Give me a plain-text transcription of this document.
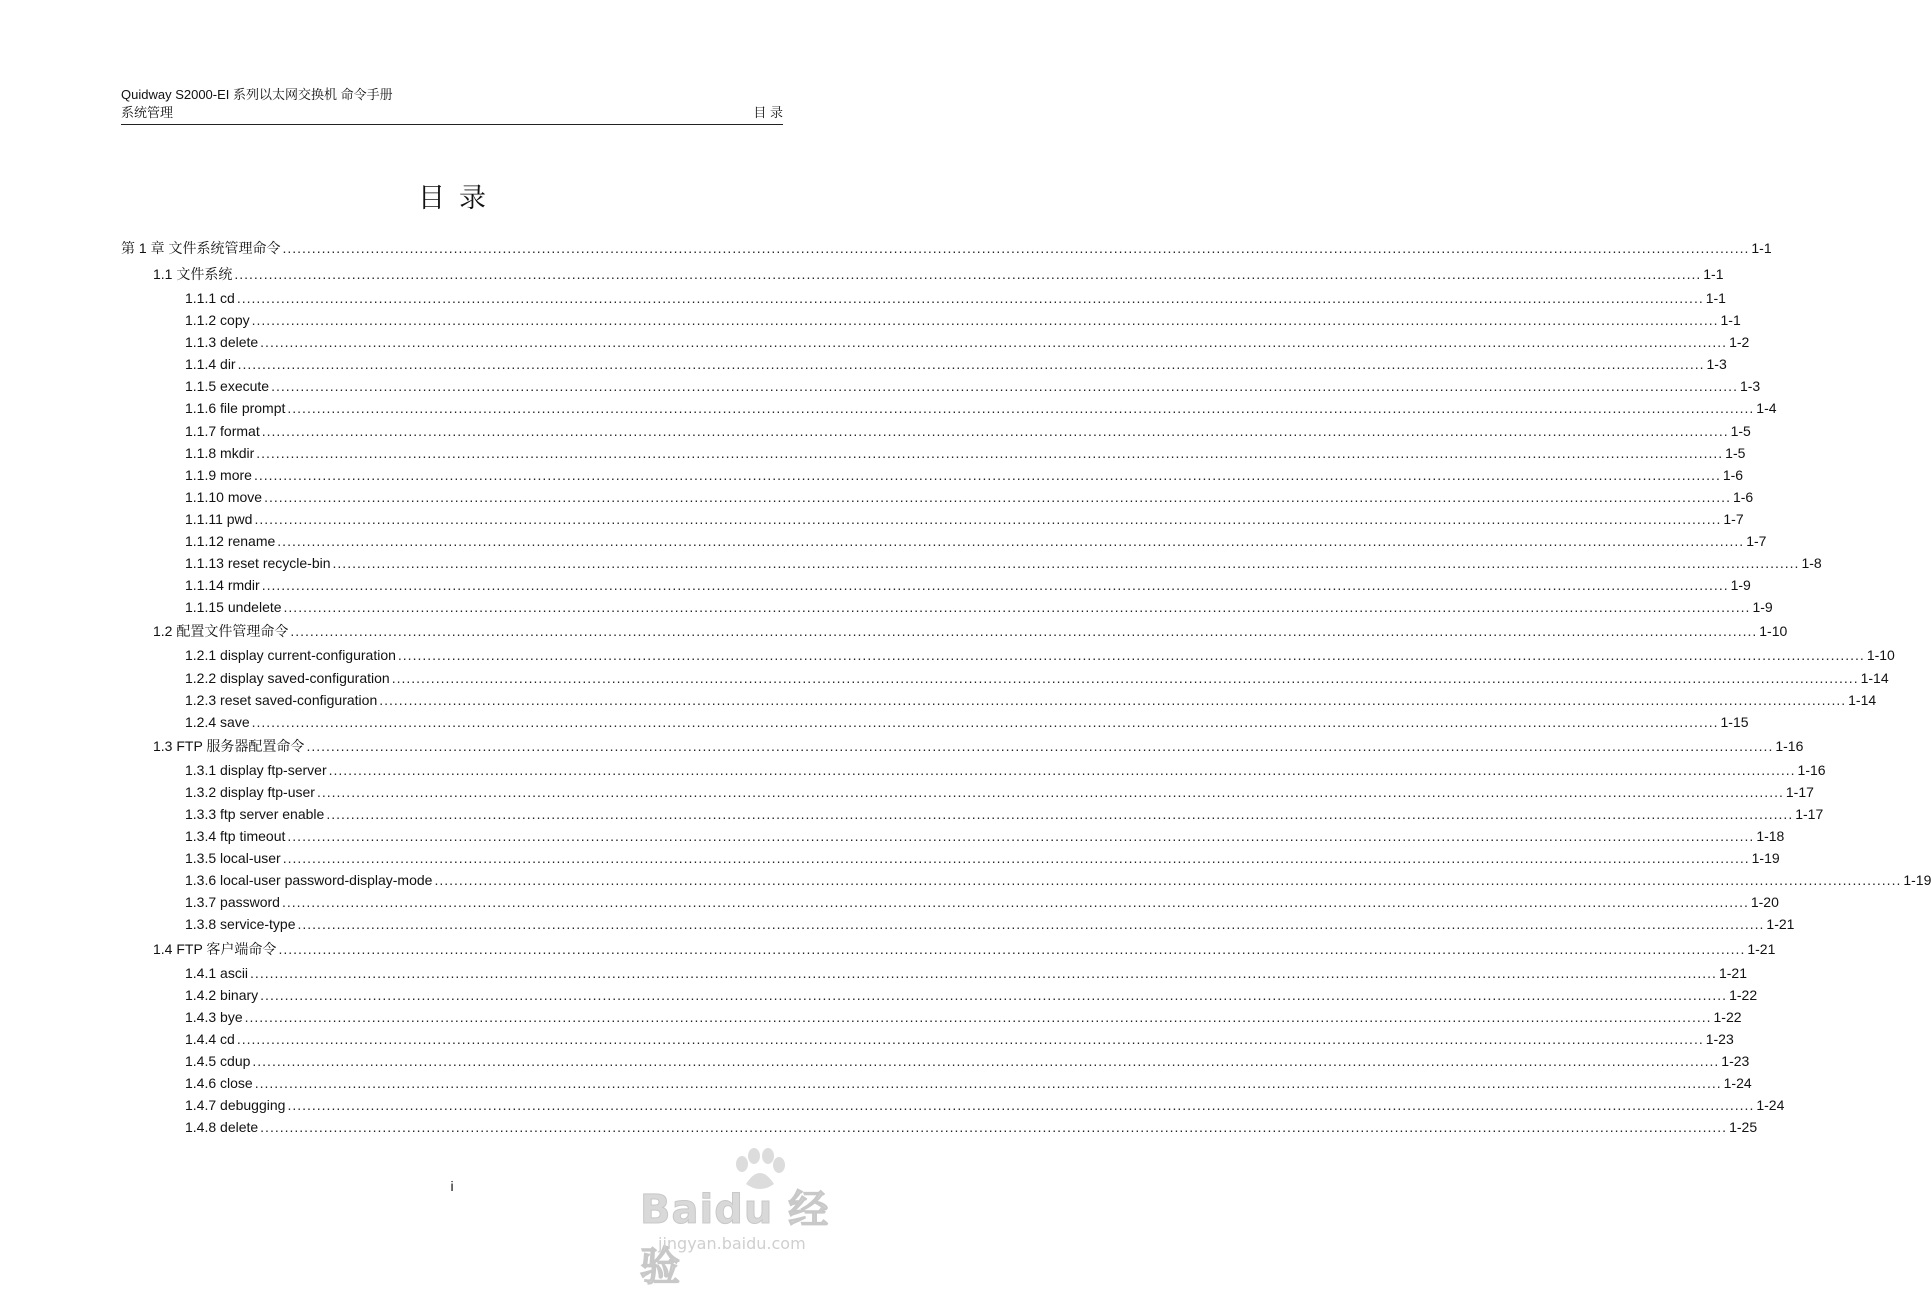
Quidway S2000-EI 系列以太网交换机 命令手册
系统管理	目 录
目录
第 1 章 文件系统管理命令 ............................................................................................................................................................................................................................................................................................................ 1-1
1.1 文件系统 ............................................................................................................................................................................................................................................................................................................ 1-1
1.1.1 cd ............................................................................................................................................................................................................................................................................................................ 1-1
1.1.2 copy ............................................................................................................................................................................................................................................................................................................ 1-1
1.1.3 delete ............................................................................................................................................................................................................................................................................................................ 1-2
1.1.4 dir ............................................................................................................................................................................................................................................................................................................ 1-3
1.1.5 execute ............................................................................................................................................................................................................................................................................................................ 1-3
1.1.6 file prompt ............................................................................................................................................................................................................................................................................................................ 1-4
1.1.7 format ............................................................................................................................................................................................................................................................................................................ 1-5
1.1.8 mkdir ............................................................................................................................................................................................................................................................................................................ 1-5
1.1.9 more ............................................................................................................................................................................................................................................................................................................ 1-6
1.1.10 move ............................................................................................................................................................................................................................................................................................................ 1-6
1.1.11 pwd ............................................................................................................................................................................................................................................................................................................ 1-7
1.1.12 rename ............................................................................................................................................................................................................................................................................................................ 1-7
1.1.13 reset recycle-bin ............................................................................................................................................................................................................................................................................................................ 1-8
1.1.14 rmdir ............................................................................................................................................................................................................................................................................................................ 1-9
1.1.15 undelete ............................................................................................................................................................................................................................................................................................................ 1-9
1.2 配置文件管理命令 ............................................................................................................................................................................................................................................................................................................ 1-10
1.2.1 display current-configuration ............................................................................................................................................................................................................................................................................................................ 1-10
1.2.2 display saved-configuration ............................................................................................................................................................................................................................................................................................................ 1-14
1.2.3 reset saved-configuration ............................................................................................................................................................................................................................................................................................................ 1-14
1.2.4 save ............................................................................................................................................................................................................................................................................................................ 1-15
1.3 FTP 服务器配置命令 ............................................................................................................................................................................................................................................................................................................ 1-16
1.3.1 display ftp-server ............................................................................................................................................................................................................................................................................................................ 1-16
1.3.2 display ftp-user ............................................................................................................................................................................................................................................................................................................ 1-17
1.3.3 ftp server enable ............................................................................................................................................................................................................................................................................................................ 1-17
1.3.4 ftp timeout ............................................................................................................................................................................................................................................................................................................ 1-18
1.3.5 local-user ............................................................................................................................................................................................................................................................................................................ 1-19
1.3.6 local-user password-display-mode ............................................................................................................................................................................................................................................................................................................ 1-19
1.3.7 password ............................................................................................................................................................................................................................................................................................................ 1-20
1.3.8 service-type ............................................................................................................................................................................................................................................................................................................ 1-21
1.4 FTP 客户端命令 ............................................................................................................................................................................................................................................................................................................ 1-21
1.4.1 ascii ............................................................................................................................................................................................................................................................................................................ 1-21
1.4.2 binary ............................................................................................................................................................................................................................................................................................................ 1-22
1.4.3 bye ............................................................................................................................................................................................................................................................................................................ 1-22
1.4.4 cd ............................................................................................................................................................................................................................................................................................................ 1-23
1.4.5 cdup ............................................................................................................................................................................................................................................................................................................ 1-23
1.4.6 close ............................................................................................................................................................................................................................................................................................................ 1-24
1.4.7 debugging ............................................................................................................................................................................................................................................................................................................ 1-24
1.4.8 delete ............................................................................................................................................................................................................................................................................................................ 1-25
i
Baidu 经验
jingyan.baidu.com
